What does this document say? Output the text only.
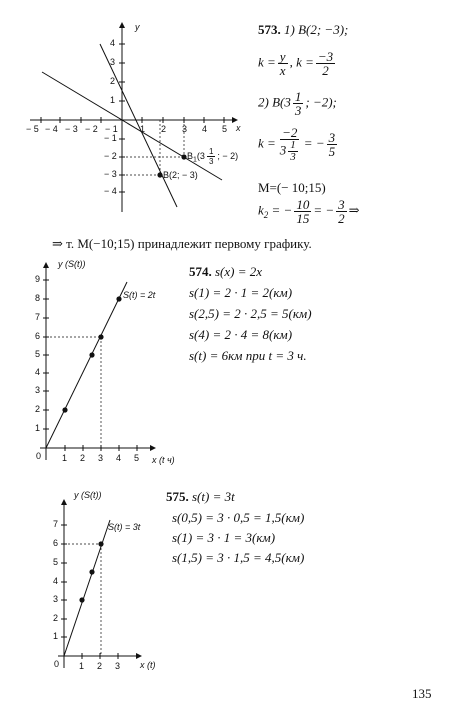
y
x
− 5 − 4 − 3 − 2 − 1 1 2 3 4 5
4
3
2
1
− 1
− 2
− 3
− 4
B(2; − 3)
$B_1(3 \frac{1}{3}$ ; − 2)
573. 1) B(2; −3);
$k = \frac{y}{x}$ , $k = \frac{-3}{2}$
2) $B(3 \frac{1}{3}$ ; −2);
$k = \frac{-2}{3 \frac{1}{3}}$ = − $\frac{3}{5}$
M=(− 10;15)
$k_2$ = − $\frac{10}{15}$ = − $\frac{3}{2}$ ⇒
⇒ т. M(−10;15) принадлежит первому графику.
y (S(t))
x (t ч)
S(t) = 2t
9
8
7
6
5
4
3
2
1
0 1 2 3 4 5
574. s(x) = 2x
s(1) = 2 · 1 = 2(км)
s(2,5) = 2 · 2,5 = 5(км)
s(4) = 2 · 4 = 8(км)
s(t) = 6км при t = 3 ч.
y (S(t))
x (t)
S(t) = 3t
7
6
5
4
3
2
1
0 1 2 3
575. s(t) = 3t
s(0,5) = 3 · 0,5 = 1,5(км)
s(1) = 3 · 1 = 3(км)
s(1,5) = 3 · 1,5 = 4,5(км)
135
